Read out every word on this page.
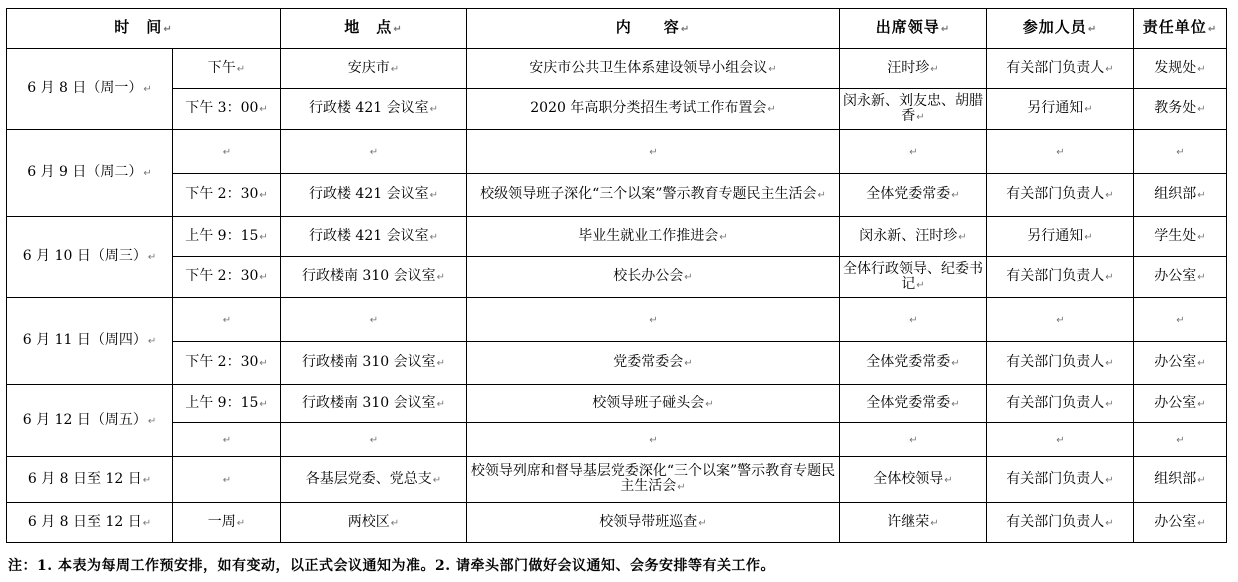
时　间↵		地　点↵	内　　容↵	出席领导↵	参加人员↵	责任单位↵
6 月 8 日（周一）↵	下午↵	安庆市↵	安庆市公共卫生体系建设领导小组会议↵	汪时珍↵	有关部门负责人↵	发规处↵
	下午 3：00↵	行政楼 421 会议室↵	2020 年高职分类招生考试工作布置会↵	闵永新、刘友忠、胡腊香↵	另行通知↵	教务处↵
6 月 9 日（周二）↵	↵	↵	↵	↵	↵	↵
	下午 2：30↵	行政楼 421 会议室↵	校级领导班子深化“三个以案”警示教育专题民主生活会↵	全体党委常委↵	有关部门负责人↵	组织部↵
6 月 10 日（周三）↵	上午 9：15↵	行政楼 421 会议室↵	毕业生就业工作推进会↵	闵永新、汪时珍↵	另行通知↵	学生处↵
	下午 2：30↵	行政楼南 310 会议室↵	校长办公会↵	全体行政领导、纪委书记↵	有关部门负责人↵	办公室↵
6 月 11 日（周四）↵	↵	↵	↵	↵	↵	↵
	下午 2：30↵	行政楼南 310 会议室↵	党委常委会↵	全体党委常委↵	有关部门负责人↵	办公室↵
6 月 12 日（周五）↵	上午 9：15↵	行政楼南 310 会议室↵	校领导班子碰头会↵	全体党委常委↵	有关部门负责人↵	办公室↵
	↵	↵	↵	↵	↵	↵
6 月 8 日至 12 日↵	↵	各基层党委、党总支↵	校领导列席和督导基层党委深化“三个以案”警示教育专题民主生活会↵	全体校领导↵	有关部门负责人↵	组织部↵
6 月 8 日至 12 日↵	一周↵	两校区↵	校领导带班巡查↵	许继荣↵	有关部门负责人↵	办公室↵
注：1. 本表为每周工作预安排，如有变动，以正式会议通知为准。2. 请牵头部门做好会议通知、会务安排等有关工作。
